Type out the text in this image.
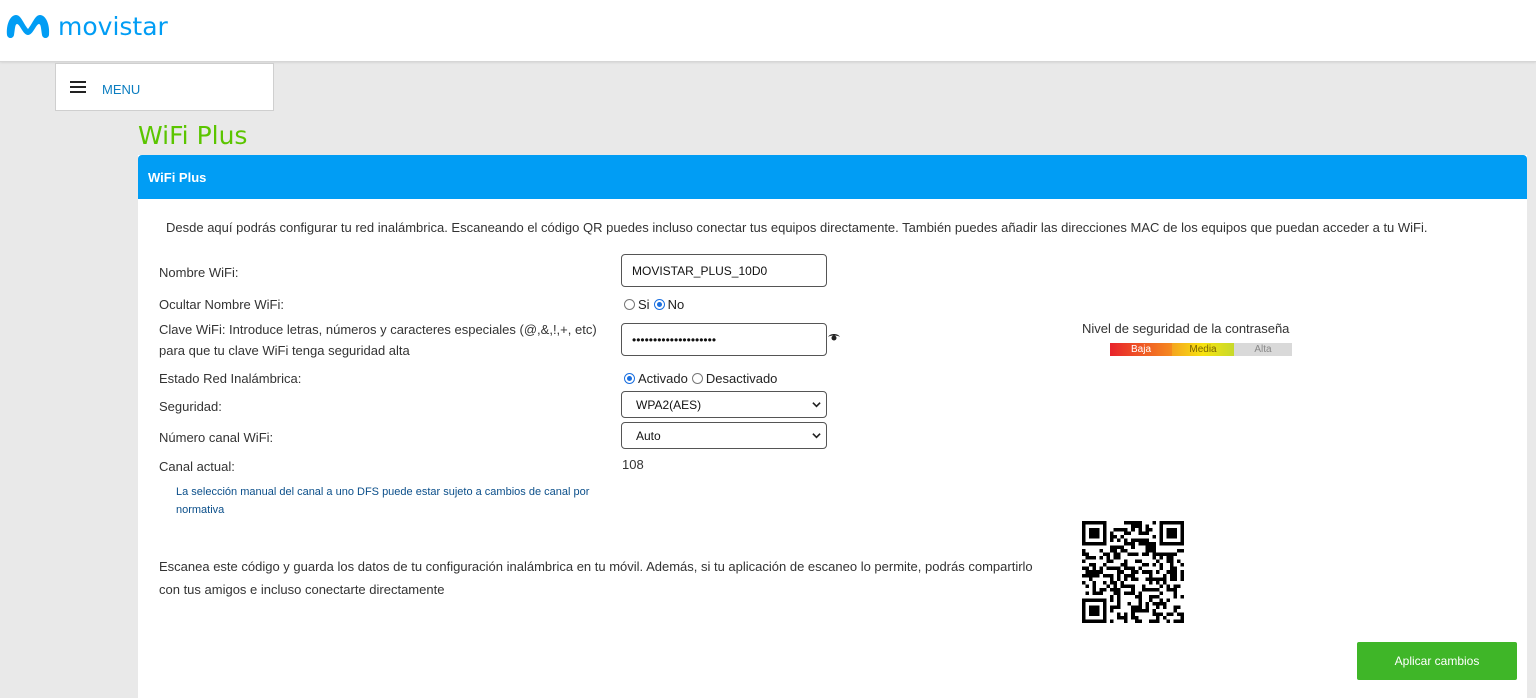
movistar
MENU
WiFi Plus
WiFi Plus
Desde aquí podrás configurar tu red inalámbrica. Escaneando el código QR puedes incluso conectar tus equipos directamente. También puedes añadir las direcciones MAC de los equipos que puedan acceder a tu WiFi.
Nombre WiFi:	MOVISTAR_PLUS_10D0
Ocultar Nombre WiFi:	Si No
Clave WiFi: Introduce letras, números y caracteres especiales (@,&,!,+, etc) para que tu clave WiFi tenga seguridad alta
••••••••••••••••••••
Nivel de seguridad de la contraseña
Baja	Media	Alta
Estado Red Inalámbrica:	Activado Desactivado
Seguridad:	WPA2(AES)
Número canal WiFi:	Auto
Canal actual:	108
La selección manual del canal a uno DFS puede estar sujeto a cambios de canal por normativa
Escanea este código y guarda los datos de tu configuración inalámbrica en tu móvil. Además, si tu aplicación de escaneo lo permite, podrás compartirlo con tus amigos e incluso conectarte directamente
Aplicar cambios
